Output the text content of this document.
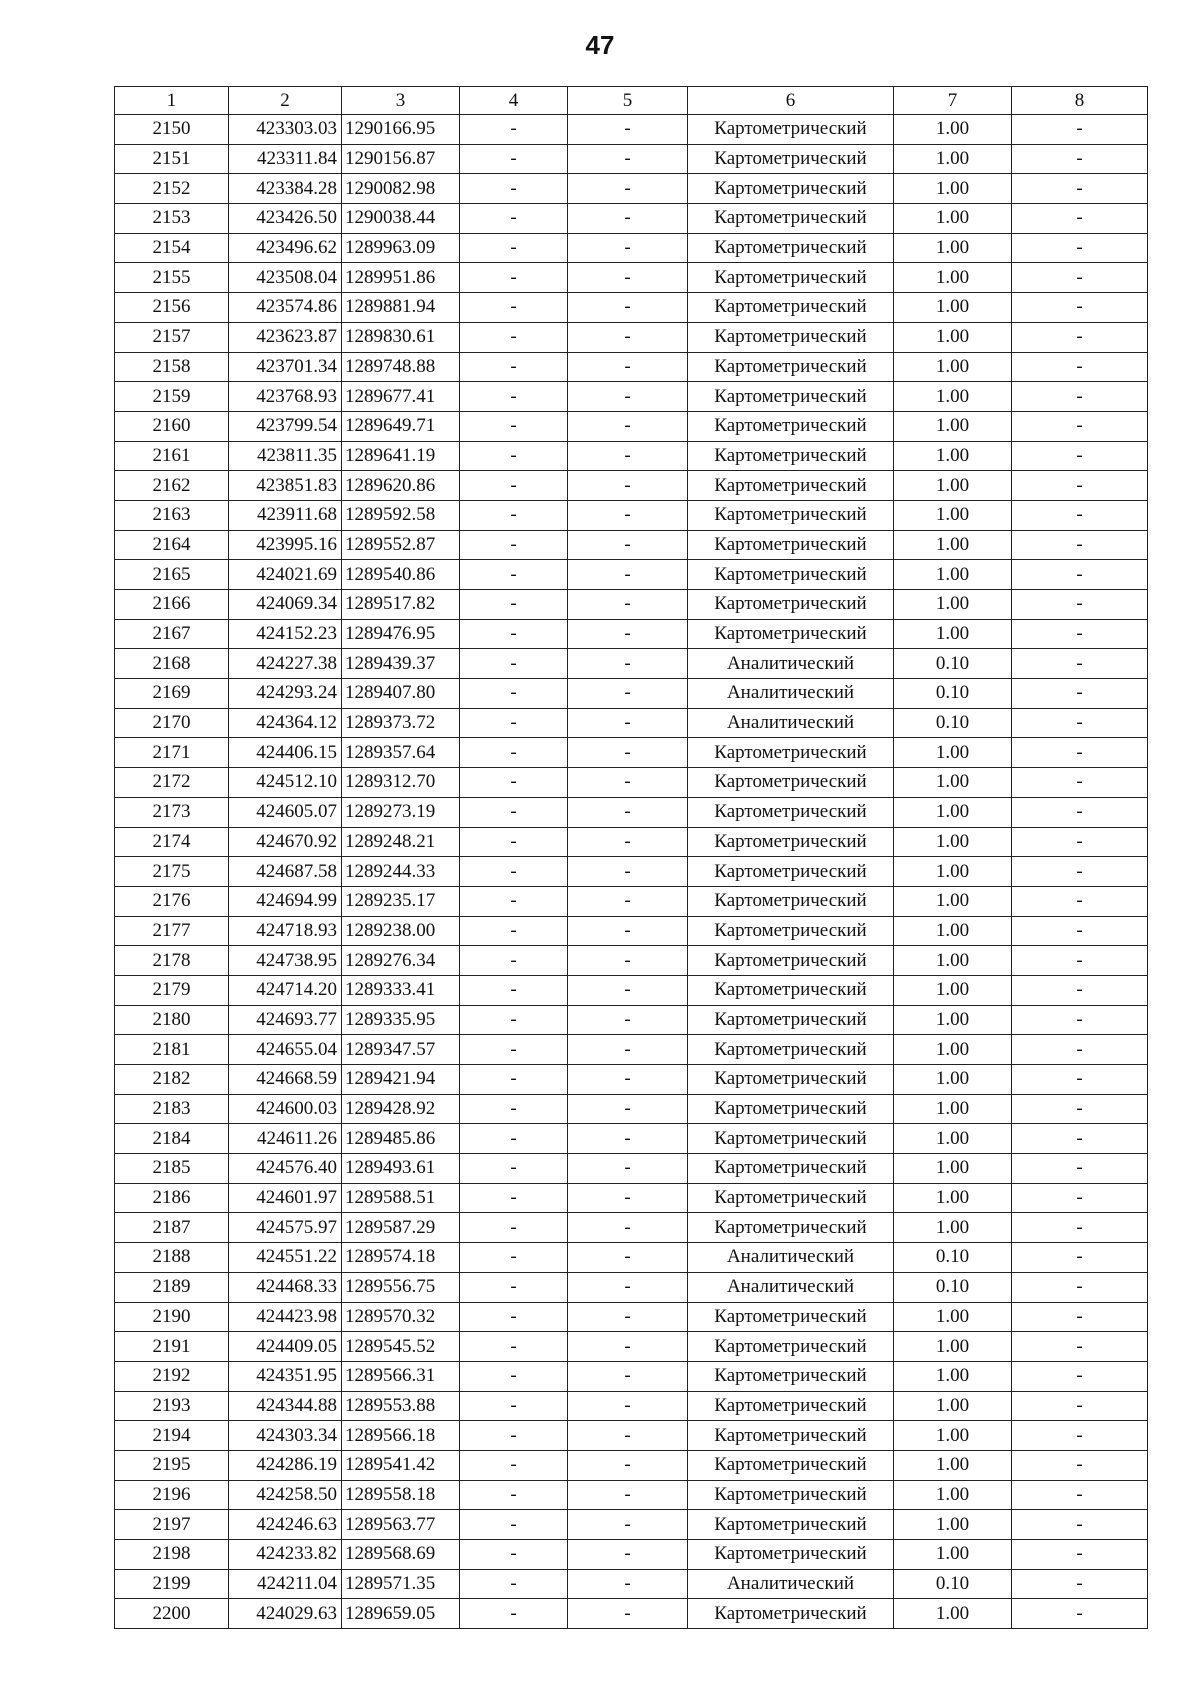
47
1	2	3	4	5	6	7	8
2150	423303.03	1290166.95	-	-	Картометрический	1.00	-
2151	423311.84	1290156.87	-	-	Картометрический	1.00	-
2152	423384.28	1290082.98	-	-	Картометрический	1.00	-
2153	423426.50	1290038.44	-	-	Картометрический	1.00	-
2154	423496.62	1289963.09	-	-	Картометрический	1.00	-
2155	423508.04	1289951.86	-	-	Картометрический	1.00	-
2156	423574.86	1289881.94	-	-	Картометрический	1.00	-
2157	423623.87	1289830.61	-	-	Картометрический	1.00	-
2158	423701.34	1289748.88	-	-	Картометрический	1.00	-
2159	423768.93	1289677.41	-	-	Картометрический	1.00	-
2160	423799.54	1289649.71	-	-	Картометрический	1.00	-
2161	423811.35	1289641.19	-	-	Картометрический	1.00	-
2162	423851.83	1289620.86	-	-	Картометрический	1.00	-
2163	423911.68	1289592.58	-	-	Картометрический	1.00	-
2164	423995.16	1289552.87	-	-	Картометрический	1.00	-
2165	424021.69	1289540.86	-	-	Картометрический	1.00	-
2166	424069.34	1289517.82	-	-	Картометрический	1.00	-
2167	424152.23	1289476.95	-	-	Картометрический	1.00	-
2168	424227.38	1289439.37	-	-	Аналитический	0.10	-
2169	424293.24	1289407.80	-	-	Аналитический	0.10	-
2170	424364.12	1289373.72	-	-	Аналитический	0.10	-
2171	424406.15	1289357.64	-	-	Картометрический	1.00	-
2172	424512.10	1289312.70	-	-	Картометрический	1.00	-
2173	424605.07	1289273.19	-	-	Картометрический	1.00	-
2174	424670.92	1289248.21	-	-	Картометрический	1.00	-
2175	424687.58	1289244.33	-	-	Картометрический	1.00	-
2176	424694.99	1289235.17	-	-	Картометрический	1.00	-
2177	424718.93	1289238.00	-	-	Картометрический	1.00	-
2178	424738.95	1289276.34	-	-	Картометрический	1.00	-
2179	424714.20	1289333.41	-	-	Картометрический	1.00	-
2180	424693.77	1289335.95	-	-	Картометрический	1.00	-
2181	424655.04	1289347.57	-	-	Картометрический	1.00	-
2182	424668.59	1289421.94	-	-	Картометрический	1.00	-
2183	424600.03	1289428.92	-	-	Картометрический	1.00	-
2184	424611.26	1289485.86	-	-	Картометрический	1.00	-
2185	424576.40	1289493.61	-	-	Картометрический	1.00	-
2186	424601.97	1289588.51	-	-	Картометрический	1.00	-
2187	424575.97	1289587.29	-	-	Картометрический	1.00	-
2188	424551.22	1289574.18	-	-	Аналитический	0.10	-
2189	424468.33	1289556.75	-	-	Аналитический	0.10	-
2190	424423.98	1289570.32	-	-	Картометрический	1.00	-
2191	424409.05	1289545.52	-	-	Картометрический	1.00	-
2192	424351.95	1289566.31	-	-	Картометрический	1.00	-
2193	424344.88	1289553.88	-	-	Картометрический	1.00	-
2194	424303.34	1289566.18	-	-	Картометрический	1.00	-
2195	424286.19	1289541.42	-	-	Картометрический	1.00	-
2196	424258.50	1289558.18	-	-	Картометрический	1.00	-
2197	424246.63	1289563.77	-	-	Картометрический	1.00	-
2198	424233.82	1289568.69	-	-	Картометрический	1.00	-
2199	424211.04	1289571.35	-	-	Аналитический	0.10	-
2200	424029.63	1289659.05	-	-	Картометрический	1.00	-
